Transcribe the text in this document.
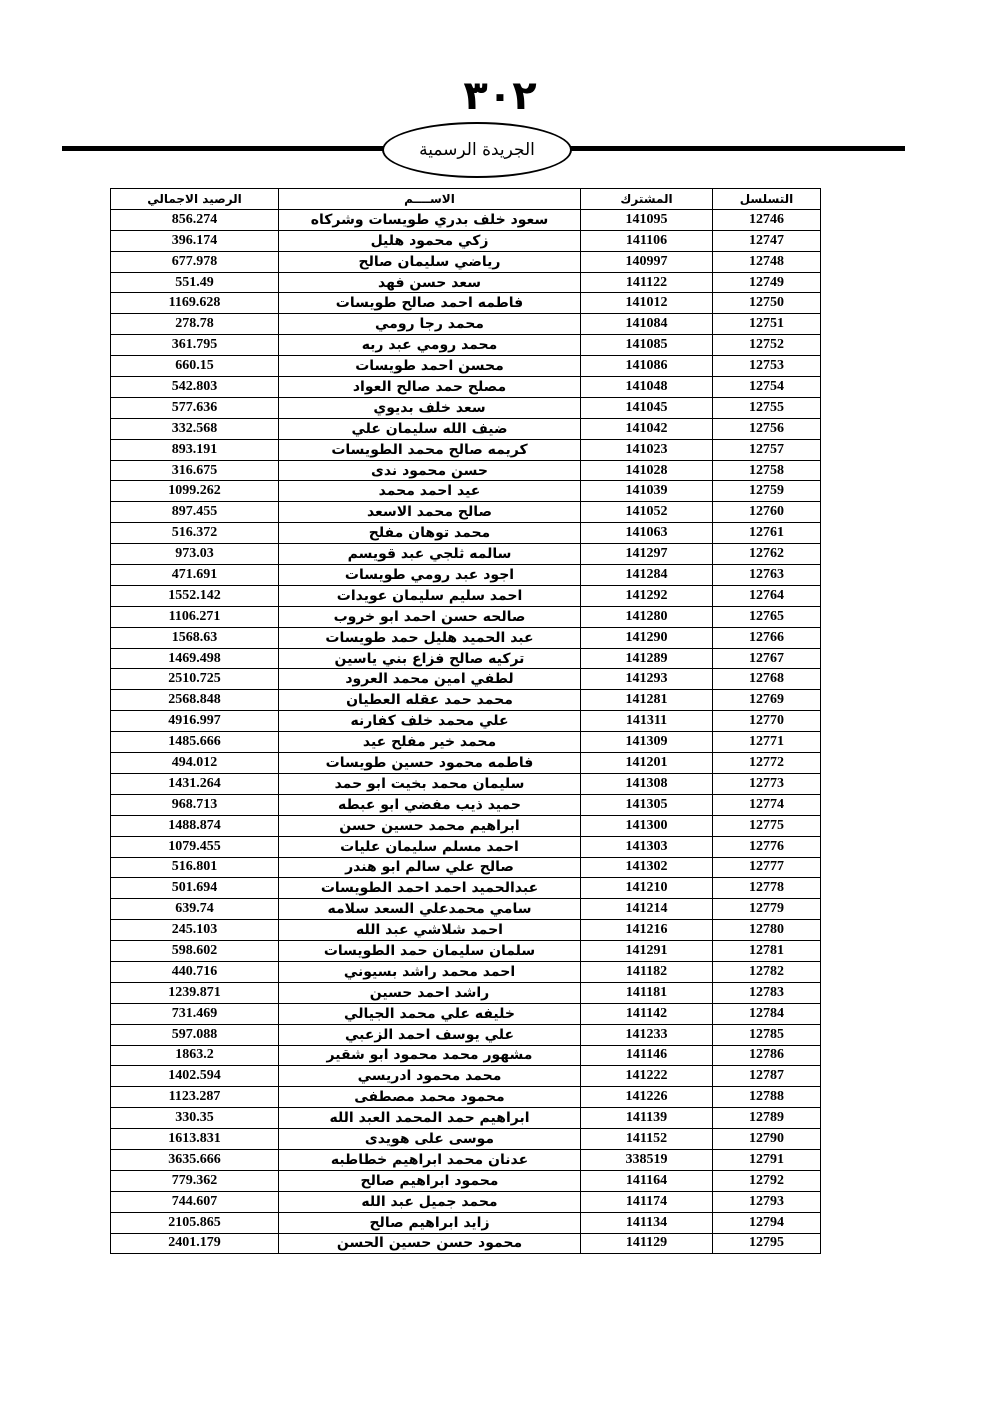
٣٠٢
الجريدة الرسمية
التسلسل	المشترك	الاســــم	الرصيد الاجمالي
12746	141095	سعود خلف بدري طويسات وشركاه	856.274
12747	141106	زكي محمود هليل	396.174
12748	140997	رياضي سليمان صالح	677.978
12749	141122	سعد حسن فهد	551.49
12750	141012	فاطمه احمد صالح طويسات	1169.628
12751	141084	محمد رجا رومي	278.78
12752	141085	محمد رومي عبد ربه	361.795
12753	141086	محسن احمد طويسات	660.15
12754	141048	مصلح حمد صالح العواد	542.803
12755	141045	سعد خلف بديوي	577.636
12756	141042	ضيف الله سليمان علي	332.568
12757	141023	كريمه صالح محمد الطويسات	893.191
12758	141028	حسن محمود ندى	316.675
12759	141039	عيد احمد محمد	1099.262
12760	141052	صالح محمد الاسعد	897.455
12761	141063	محمد توهان مفلح	516.372
12762	141297	سالمه ثلجي عبد قويسم	973.03
12763	141284	اجود عبد رومي طويسات	471.691
12764	141292	احمد سليم سليمان عويدات	1552.142
12765	141280	صالحه حسن احمد ابو خروب	1106.271
12766	141290	عبد الحميد هليل حمد طويسات	1568.63
12767	141289	تركيه صالح فزاع بني ياسين	1469.498
12768	141293	لطفي امين محمد العرود	2510.725
12769	141281	محمد حمد عقله العطيان	2568.848
12770	141311	علي محمد خلف كفارنه	4916.997
12771	141309	محمد خير مفلح عيد	1485.666
12772	141201	فاطمه محمود حسين طويسات	494.012
12773	141308	سليمان محمد بخيت ابو حمد	1431.264
12774	141305	حميد ذيب مفضي ابو عبطه	968.713
12775	141300	ابراهيم محمد حسين حسن	1488.874
12776	141303	احمد مسلم سليمان عليات	1079.455
12777	141302	صالح علي سالم ابو هندر	516.801
12778	141210	عبدالحميد احمد احمد الطويسات	501.694
12779	141214	سامي محمدعلي السعد سلامه	639.74
12780	141216	احمد شلاشي عبد الله	245.103
12781	141291	سلمان سليمان حمد الطويسات	598.602
12782	141182	احمد محمد راشد بسيوني	440.716
12783	141181	راشد احمد حسين	1239.871
12784	141142	خليفه علي محمد الجيالي	731.469
12785	141233	علي يوسف احمد الزعبي	597.088
12786	141146	مشهور محمد محمود ابو شقير	1863.2
12787	141222	محمد محمود ادريسي	1402.594
12788	141226	محمود محمد مصطفى	1123.287
12789	141139	ابراهيم حمد المحمد العبد الله	330.35
12790	141152	موسى على هويدى	1613.831
12791	338519	عدنان محمد ابراهيم خطاطبه	3635.666
12792	141164	محمود ابراهيم صالح	779.362
12793	141174	محمد جميل عبد الله	744.607
12794	141134	زايد ابراهيم صالح	2105.865
12795	141129	محمود حسن حسين الحسن	2401.179
